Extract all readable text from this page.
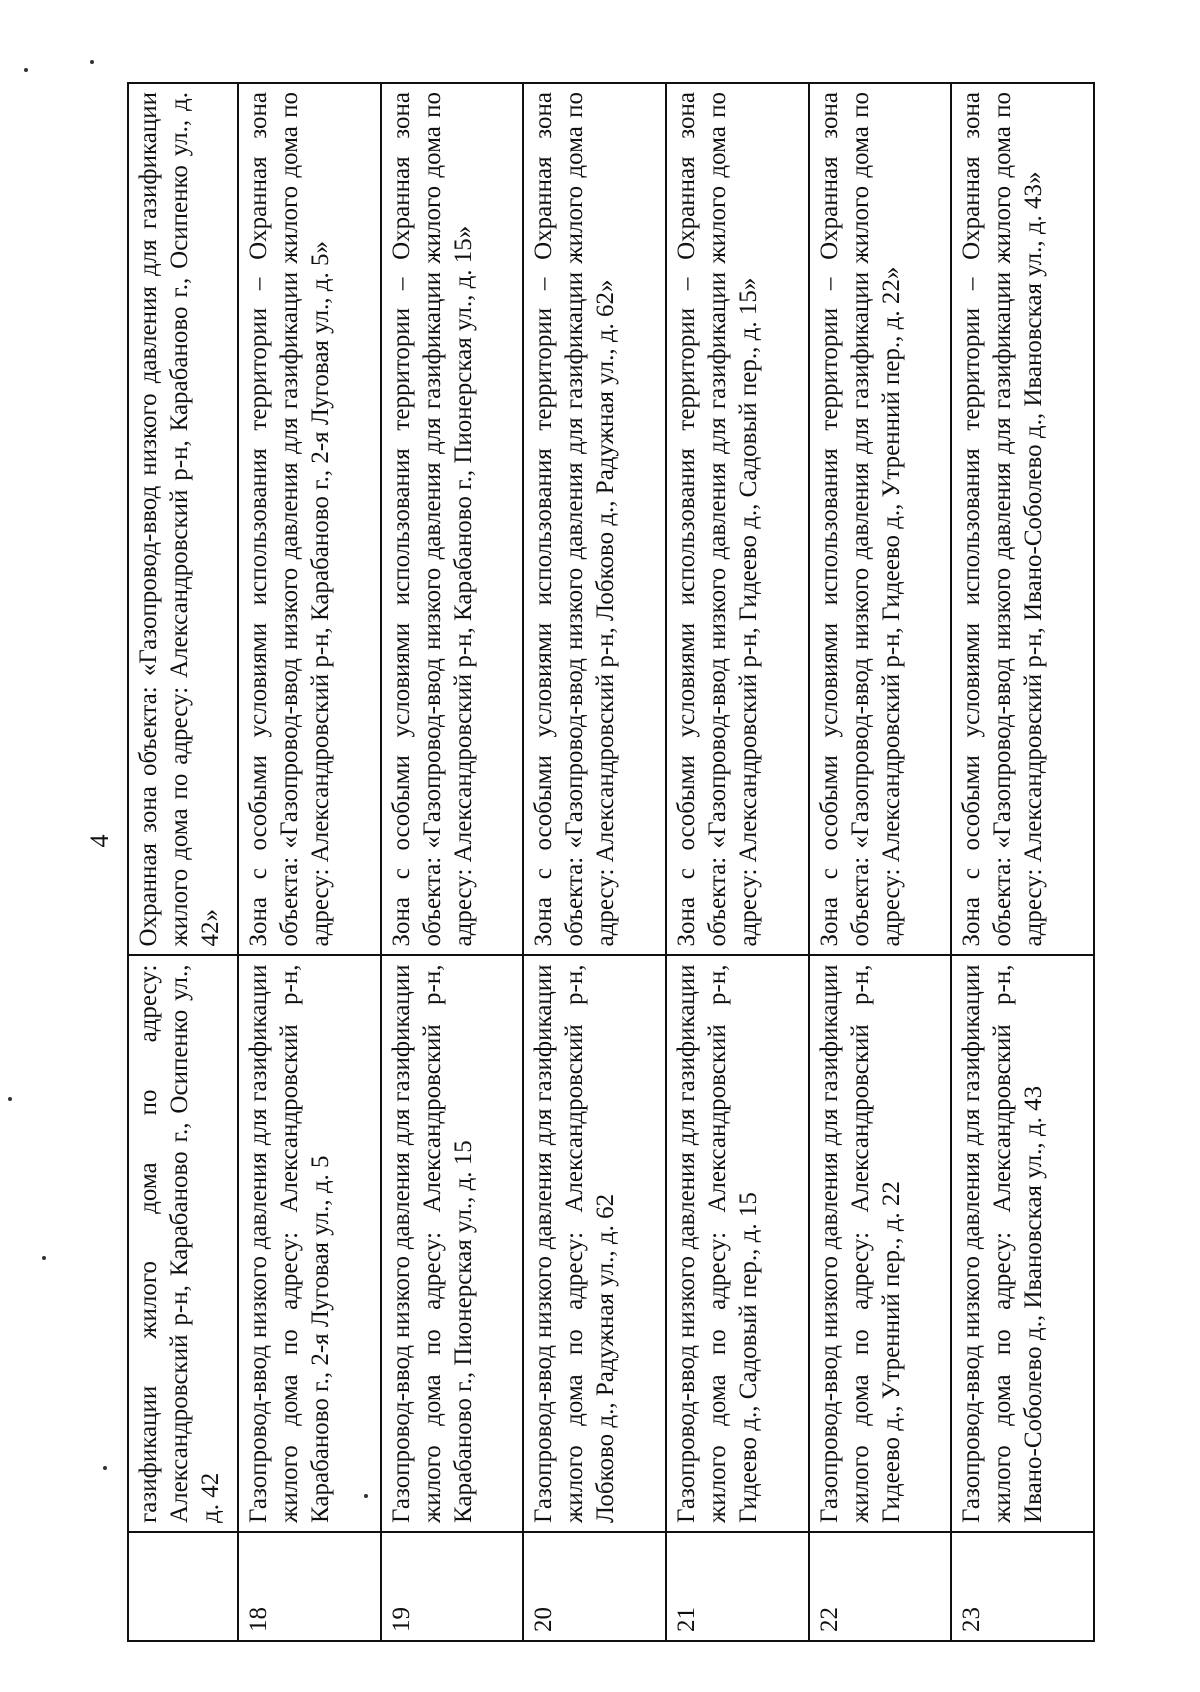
4
	газификации жилого дома по адресу: Александровский р-н, Карабаново г., Осипенко ул., д. 42	Охранная зона объекта: «Газопровод-ввод низкого давления для газификации жилого дома по адресу: Александровский р-н, Карабаново г., Осипенко ул., д. 42»
18	Газопровод-ввод низкого давления для газификации жилого дома по адресу: Александровский р-н, Карабаново г., 2-я Луговая ул., д. 5	Зона с особыми условиями использования территории – Охранная зона объекта: «Газопровод-ввод низкого давления для газификации жилого дома по адресу: Александровский р-н, Карабаново г., 2-я Луговая ул., д. 5»
19	Газопровод-ввод низкого давления для газификации жилого дома по адресу: Александровский р-н, Карабаново г., Пионерская ул., д. 15	Зона с особыми условиями использования территории – Охранная зона объекта: «Газопровод-ввод низкого давления для газификации жилого дома по адресу: Александровский р-н, Карабаново г., Пионерская ул., д. 15»
20	Газопровод-ввод низкого давления для газификации жилого дома по адресу: Александровский р-н, Лобково д., Радужная ул., д. 62	Зона с особыми условиями использования территории – Охранная зона объекта: «Газопровод-ввод низкого давления для газификации жилого дома по адресу: Александровский р-н, Лобково д., Радужная ул., д. 62»
21	Газопровод-ввод низкого давления для газификации жилого дома по адресу: Александровский р-н, Гидеево д., Садовый пер., д. 15	Зона с особыми условиями использования территории – Охранная зона объекта: «Газопровод-ввод низкого давления для газификации жилого дома по адресу: Александровский р-н, Гидеево д., Садовый пер., д. 15»
22	Газопровод-ввод низкого давления для газификации жилого дома по адресу: Александровский р-н, Гидеево д., Утренний пер., д. 22	Зона с особыми условиями использования территории – Охранная зона объекта: «Газопровод-ввод низкого давления для газификации жилого дома по адресу: Александровский р-н, Гидеево д., Утренний пер., д. 22»
23	Газопровод-ввод низкого давления для газификации жилого дома по адресу: Александровский р-н, Ивано-Соболево д., Ивановская ул., д. 43	Зона с особыми условиями использования территории – Охранная зона объекта: «Газопровод-ввод низкого давления для газификации жилого дома по адресу: Александровский р-н, Ивано-Соболево д., Ивановская ул., д. 43»
